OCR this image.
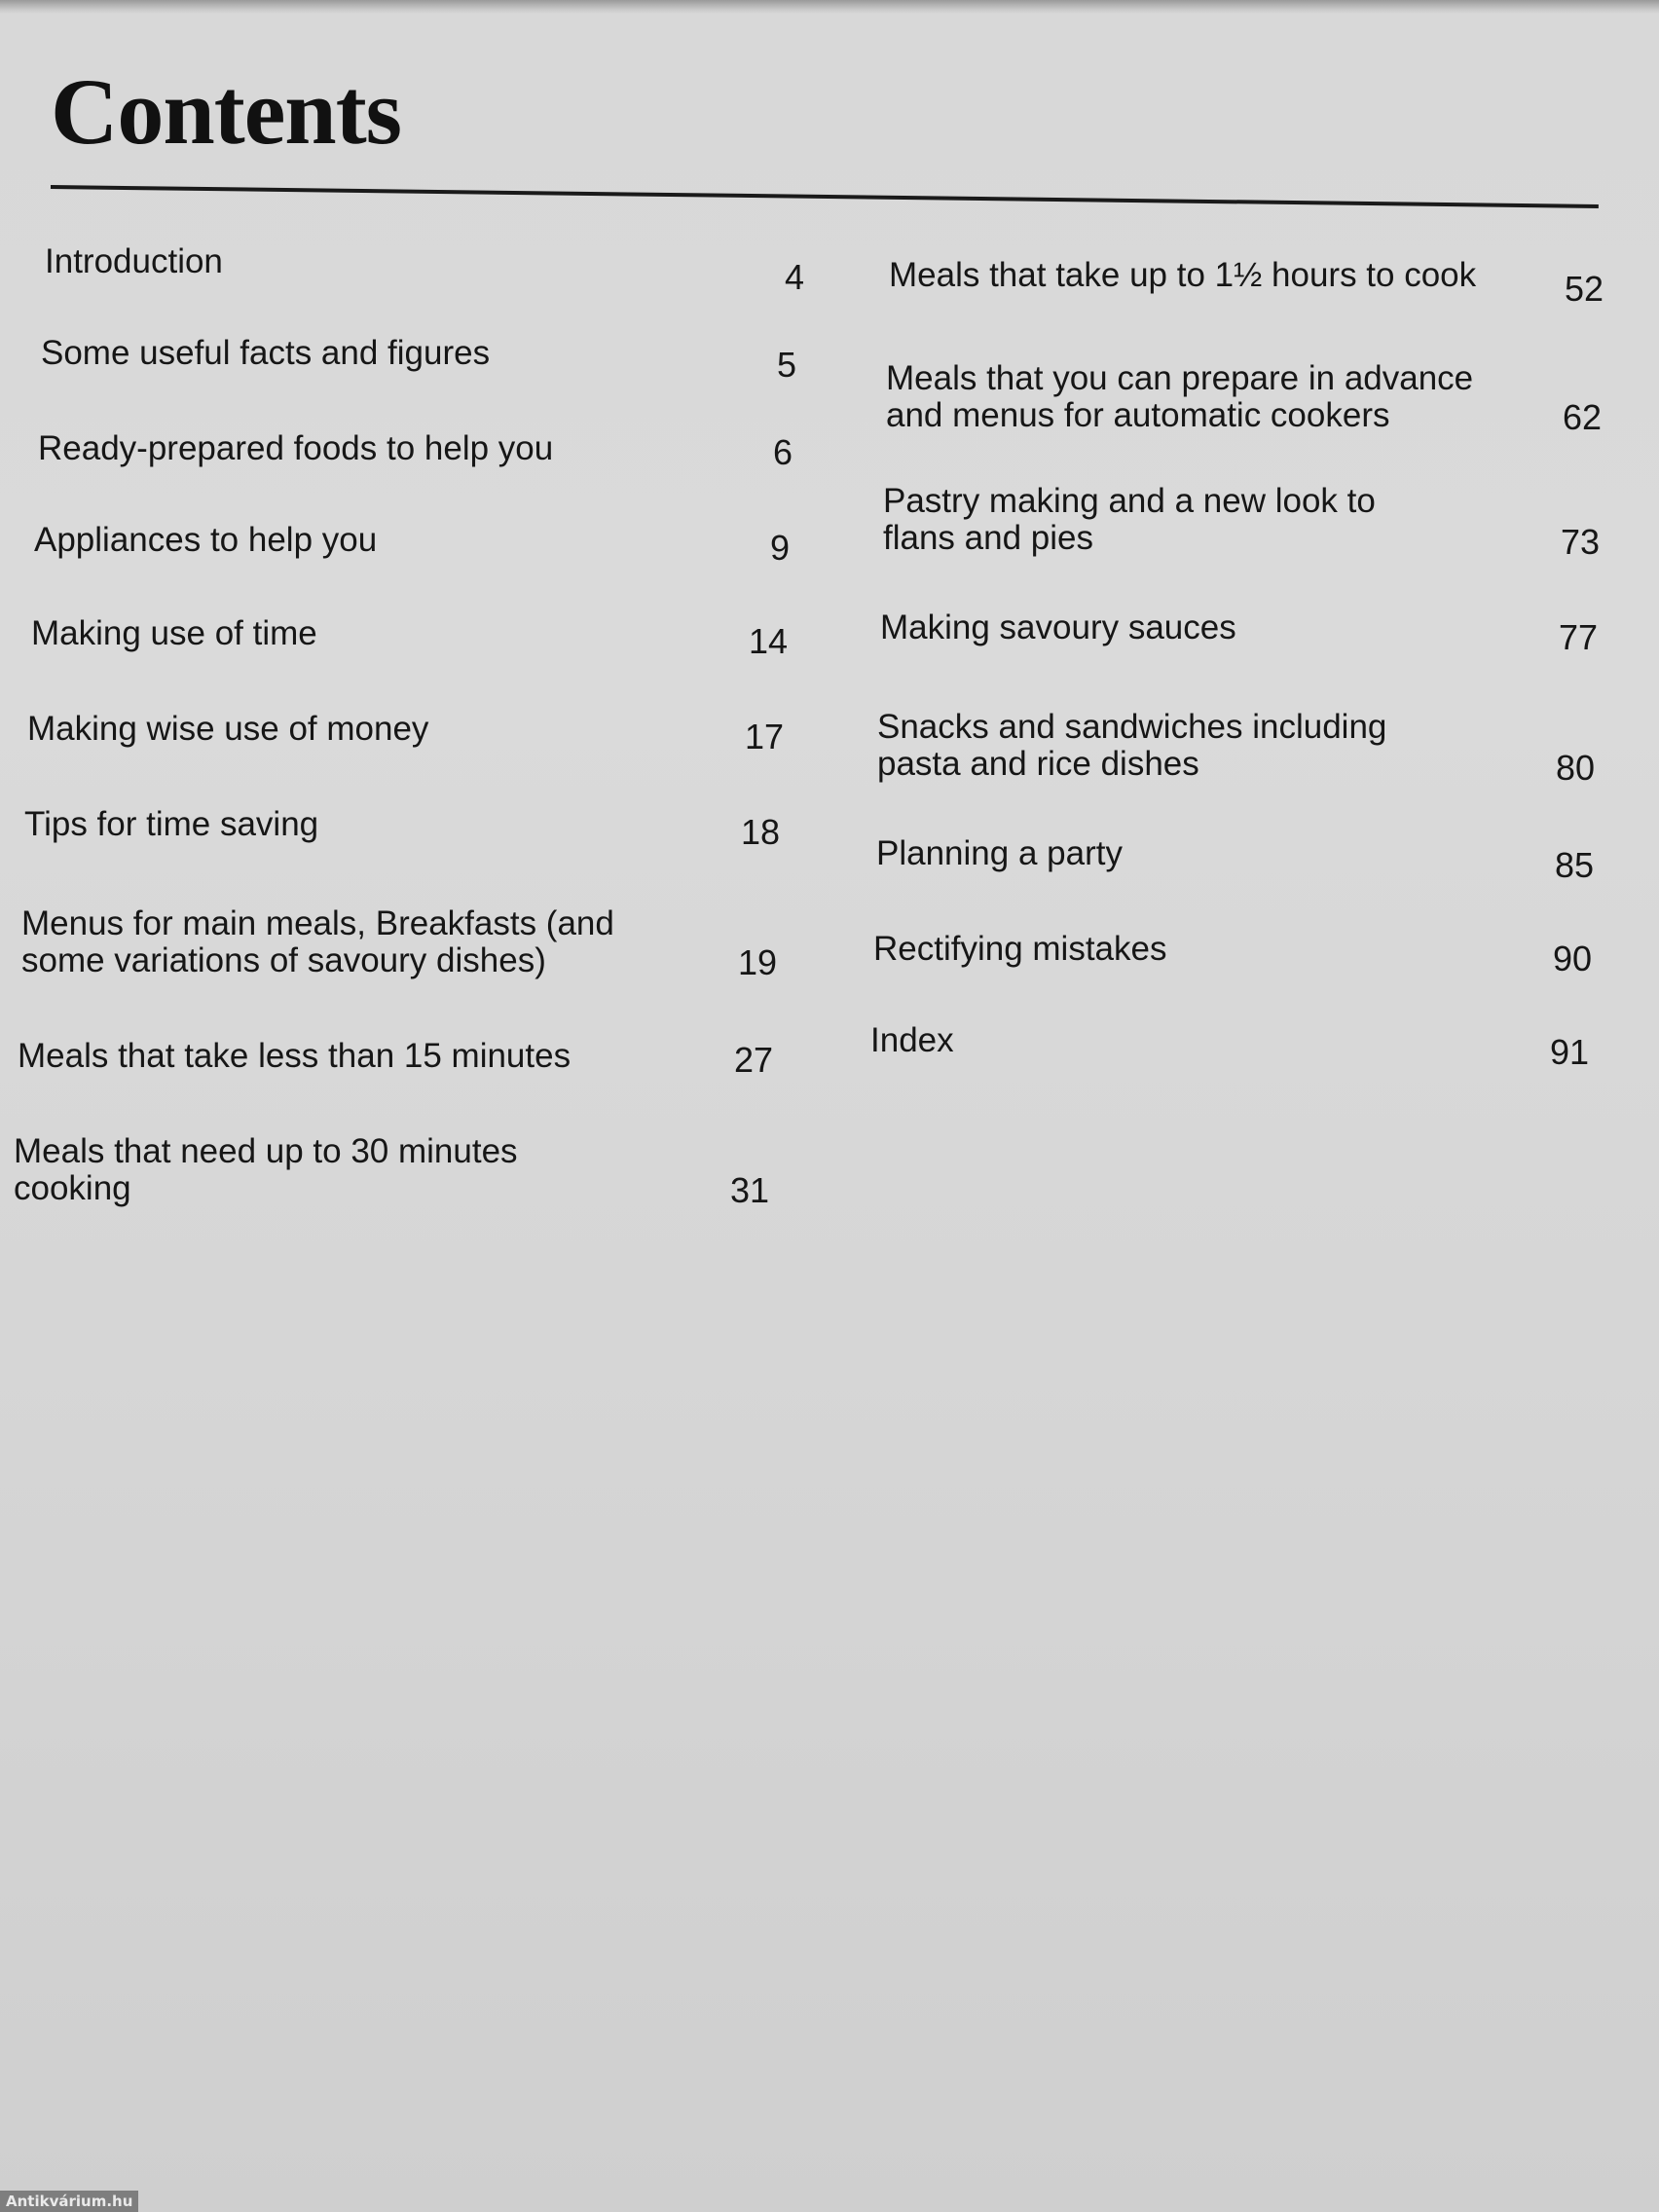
Contents
Introduction	4
Some useful facts and figures	5
Ready-prepared foods to help you	6
Appliances to help you	9
Making use of time	14
Making wise use of money	17
Tips for time saving	18
Menus for main meals, Breakfasts (and
some variations of savoury dishes)	19
Meals that take less than 15 minutes	27
Meals that need up to 30 minutes
cooking	31
Meals that take up to 1½ hours to cook	52
Meals that you can prepare in advance
and menus for automatic cookers	62
Pastry making and a new look to
flans and pies	73
Making savoury sauces	77
Snacks and sandwiches including
pasta and rice dishes	80
Planning a party	85
Rectifying mistakes	90
Index	91
Antikvárium.hu
